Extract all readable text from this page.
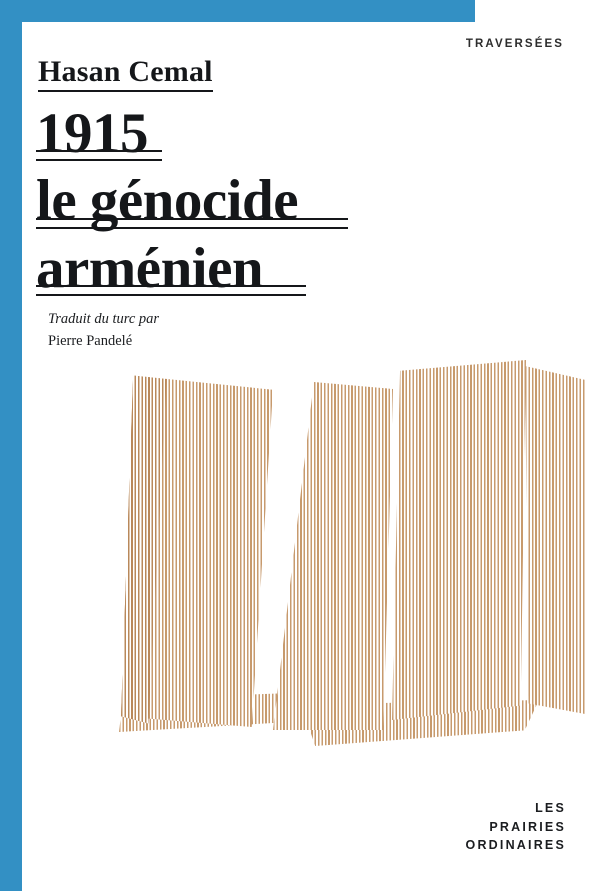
TRAVERSÉES
Hasan Cemal
1915
le génocide
arménien
Traduit du turc par
Pierre Pandelé
LES
PRAIRIES
ORDINAIRES
